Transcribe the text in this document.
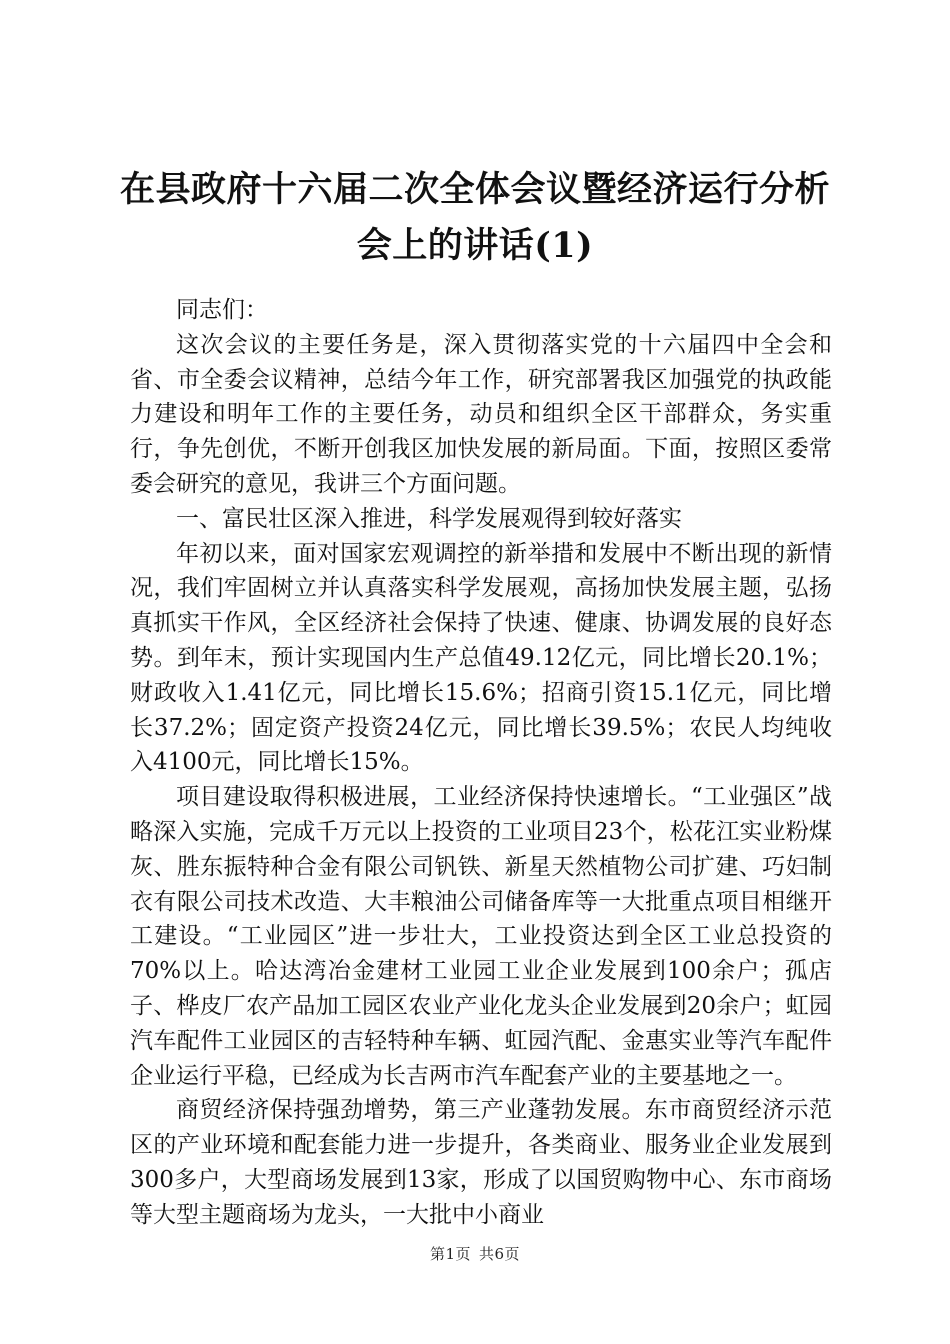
在县政府十六届二次全体会议暨经济运行分析
会上的讲话(1)

同志们：

这次会议的主要任务是，深入贯彻落实党的十六届四中全会和省、市全委会议精神，总结今年工作，研究部署我区加强党的执政能力建设和明年工作的主要任务，动员和组织全区干部群众，务实重行，争先创优，不断开创我区加快发展的新局面。下面，按照区委常委会研究的意见，我讲三个方面问题。

一、富民壮区深入推进，科学发展观得到较好落实

年初以来，面对国家宏观调控的新举措和发展中不断出现的新情况，我们牢固树立并认真落实科学发展观，高扬加快发展主题，弘扬真抓实干作风，全区经济社会保持了快速、健康、协调发展的良好态势。到年末，预计实现国内生产总值49.12亿元，同比增长20.1%；财政收入1.41亿元，同比增长15.6%；招商引资15.1亿元，同比增长37.2%；固定资产投资24亿元，同比增长39.5%；农民人均纯收入4100元，同比增长15%。

项目建设取得积极进展，工业经济保持快速增长。“工业强区”战略深入实施，完成千万元以上投资的工业项目23个，松花江实业粉煤灰、胜东振特种合金有限公司钒铁、新星天然植物公司扩建、巧妇制衣有限公司技术改造、大丰粮油公司储备库等一大批重点项目相继开工建设。“工业园区”进一步壮大，工业投资达到全区工业总投资的70%以上。哈达湾冶金建材工业园工业企业发展到100余户；孤店子、桦皮厂农产品加工园区农业产业化龙头企业发展到20余户；虹园汽车配件工业园区的吉轻特种车辆、虹园汽配、金惠实业等汽车配件企业运行平稳，已经成为长吉两市汽车配套产业的主要基地之一。

商贸经济保持强劲增势，第三产业蓬勃发展。东市商贸经济示范区的产业环境和配套能力进一步提升，各类商业、服务业企业发展到300多户，大型商场发展到13家，形成了以国贸购物中心、东市商场等大型主题商场为龙头，一大批中小商业

第1页 共6页
